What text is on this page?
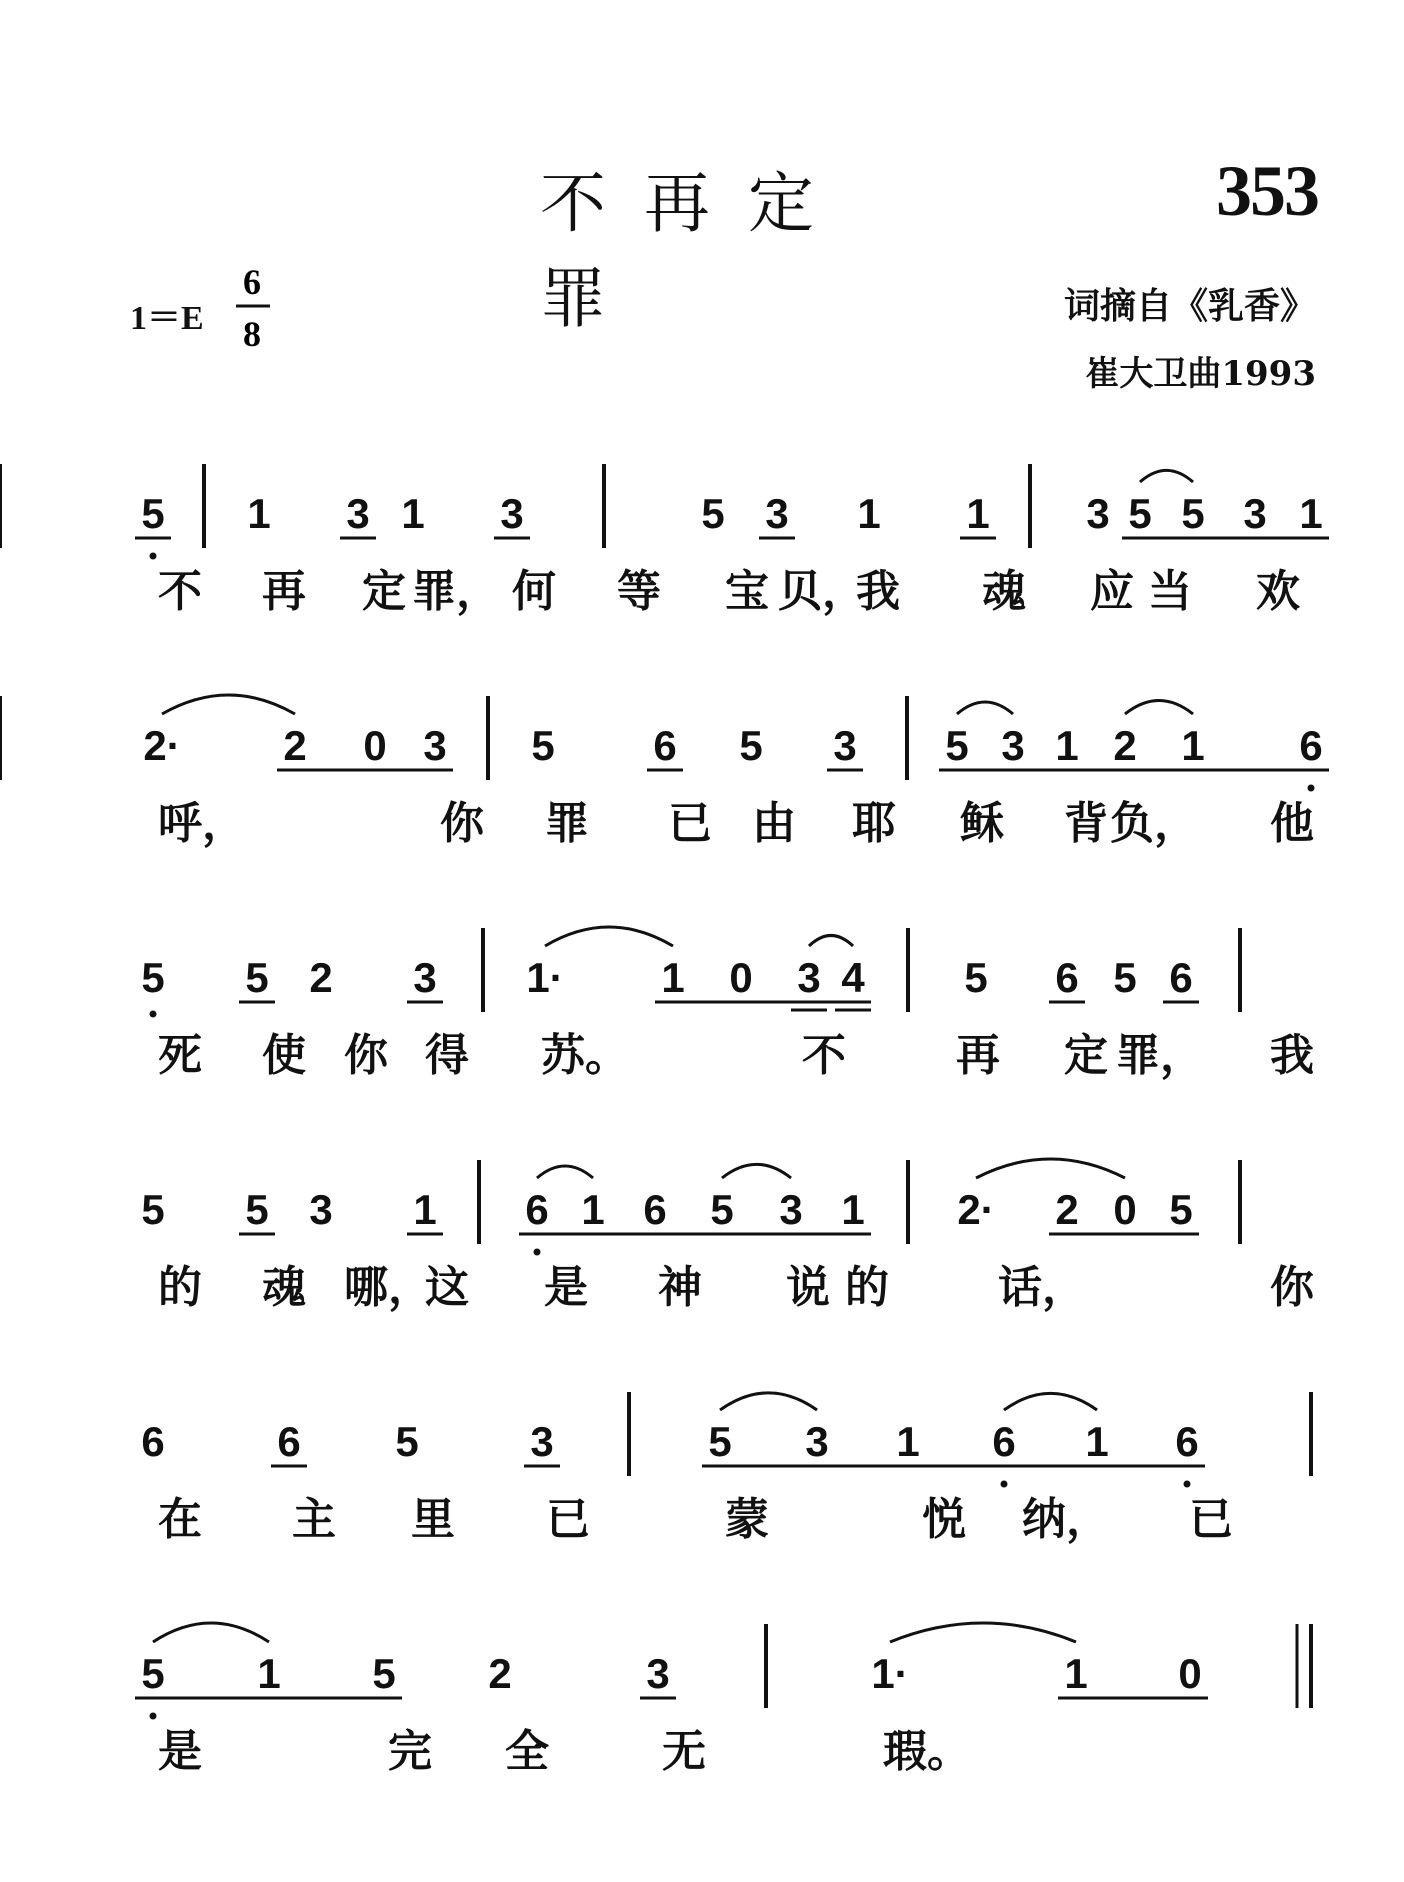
不再定罪
353
1＝E	词摘自《乳香》
崔大卫曲1993
6
8
5 1 3 1 3	5 3 1 1 3 5 5 3 1
不 再 定 罪， 何 等 宝 贝，
我 魂 应 当 欢
2· 2 0 3 5 6 5 3 5 3 1 2 1 6
呼，	你 罪 已 由 耶 稣 背 负， 他
5 5 2 3 1· 1 0 3 4 5 6 5 6
死 使 你 得 苏。	不	再 定 罪， 我
5 5 3 1 6 1 6 5 3 1 2· 2 0 5
的 魂 哪，
这 是 神 说 的 话，	你
6	6 5	3	5 3 1 6 1 6
在 主 里 已	蒙	悦 纳， 已
5 1 5 2	3	1·	1 0
是	完 全	无	瑕。
